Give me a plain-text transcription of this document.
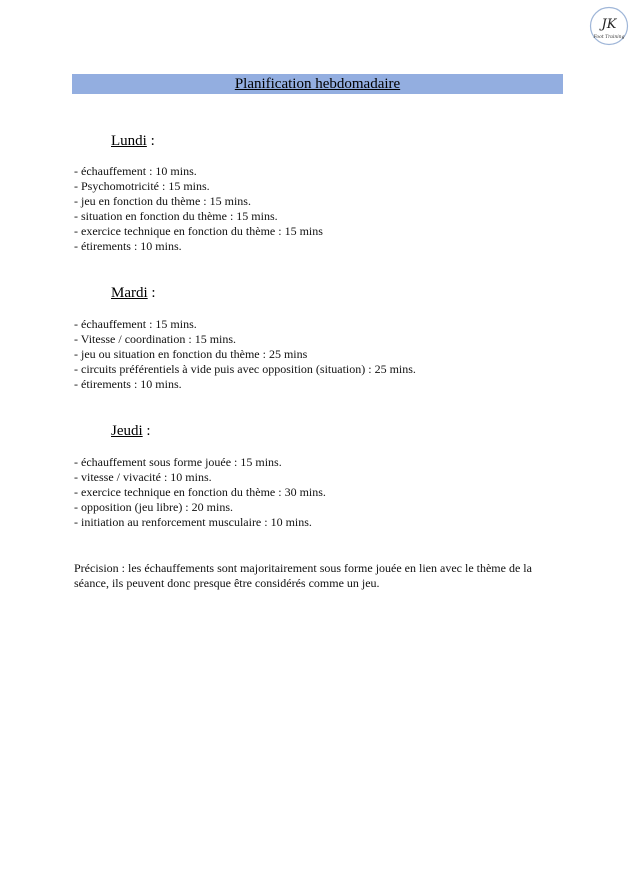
JK
Foot Training
Planification hebdomadaire
Lundi :
- échauffement : 10 mins.
- Psychomotricité : 15 mins.
- jeu en fonction du thème : 15 mins.
- situation en fonction du thème : 15 mins.
- exercice technique en fonction du thème : 15 mins
- étirements : 10 mins.
Mardi :
- échauffement : 15 mins.
- Vitesse / coordination : 15 mins.
- jeu ou situation en fonction du thème : 25 mins
- circuits préférentiels à vide puis avec opposition (situation) : 25 mins.
- étirements : 10 mins.
Jeudi :
- échauffement sous forme jouée : 15 mins.
- vitesse / vivacité : 10 mins.
- exercice technique en fonction du thème : 30 mins.
- opposition (jeu libre) : 20 mins.
- initiation au renforcement musculaire : 10 mins.

Précision : les échauffements sont majoritairement sous forme jouée en lien avec le thème de la séance, ils peuvent donc presque être considérés comme un jeu.
